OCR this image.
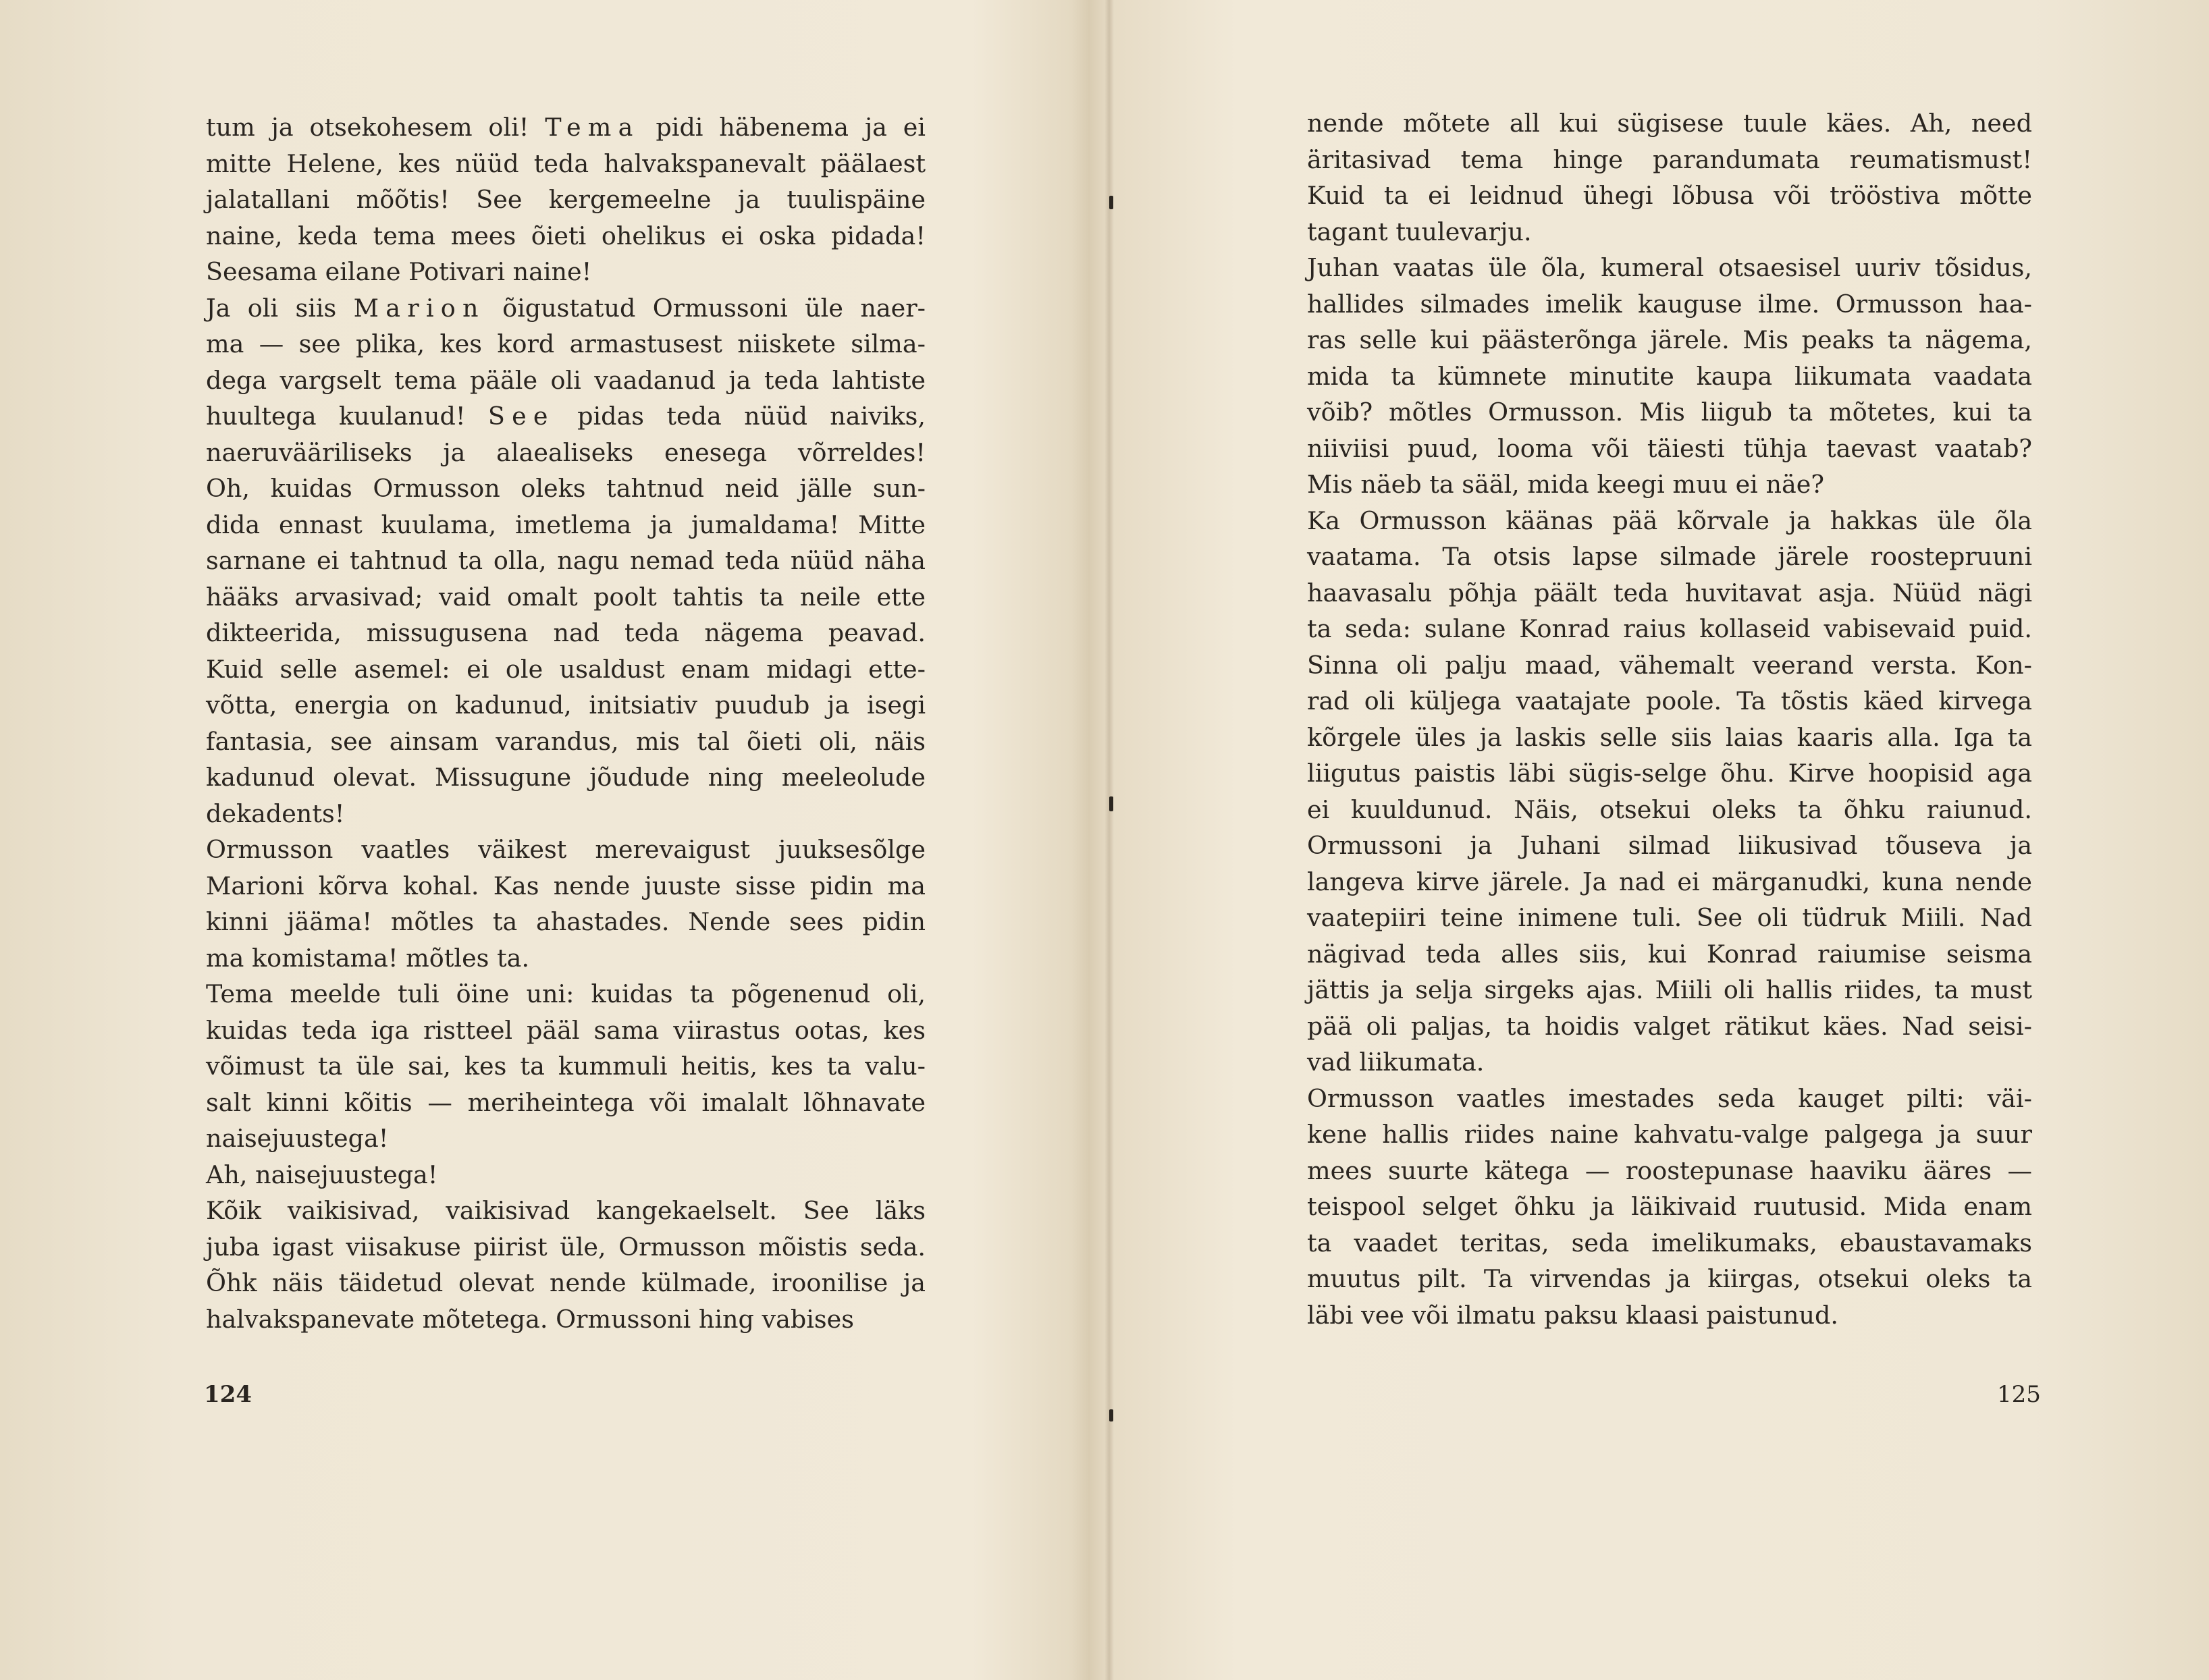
tum ja otsekohesem oli! Tema pidi häbenema ja ei

mitte Helene, kes nüüd teda halvakspanevalt päälaest

jalatallani mõõtis! See kergemeelne ja tuulispäine

naine, keda tema mees õieti ohelikus ei oska pidada!

Seesama eilane Potivari naine!

Ja oli siis Marion õigustatud Ormussoni üle naer-

ma — see plika, kes kord armastusest niiskete silma-

dega vargselt tema pääle oli vaadanud ja teda lahtiste

huultega kuulanud! See pidas teda nüüd naiviks,

naeruvääriliseks ja alaealiseks enesega võrreldes!

Oh, kuidas Ormusson oleks tahtnud neid jälle sun-

dida ennast kuulama, imetlema ja jumaldama! Mitte

sarnane ei tahtnud ta olla, nagu nemad teda nüüd näha

hääks arvasivad; vaid omalt poolt tahtis ta neile ette

dikteerida, missugusena nad teda nägema peavad.

Kuid selle asemel: ei ole usaldust enam midagi ette-

võtta, energia on kadunud, initsiativ puudub ja isegi

fantasia, see ainsam varandus, mis tal õieti oli, näis

kadunud olevat. Missugune jõudude ning meeleolude

dekadents!

Ormusson vaatles väikest merevaigust juuksesõlge

Marioni kõrva kohal. Kas nende juuste sisse pidin ma

kinni jääma! mõtles ta ahastades. Nende sees pidin

ma komistama! mõtles ta.

Tema meelde tuli öine uni: kuidas ta põgenenud oli,

kuidas teda iga ristteel pääl sama viirastus ootas, kes

võimust ta üle sai, kes ta kummuli heitis, kes ta valu-

salt kinni kõitis — meriheintega või imalalt lõhnavate

naisejuustega!

Ah, naisejuustega!

Kõik vaikisivad, vaikisivad kangekaelselt. See läks

juba igast viisakuse piirist üle, Ormusson mõistis seda.

Õhk näis täidetud olevat nende külmade, iroonilise ja

halvakspanevate mõtetega. Ormussoni hing vabises

124

nende mõtete all kui sügisese tuule käes. Ah, need

äritasivad tema hinge parandumata reumatismust!

Kuid ta ei leidnud ühegi lõbusa või trööstiva mõtte

tagant tuulevarju.

Juhan vaatas üle õla, kumeral otsaesisel uuriv tõsidus,

hallides silmades imelik kauguse ilme. Ormusson haa-

ras selle kui päästerõnga järele. Mis peaks ta nägema,

mida ta kümnete minutite kaupa liikumata vaadata

võib? mõtles Ormusson. Mis liigub ta mõtetes, kui ta

niiviisi puud, looma või täiesti tühja taevast vaatab?

Mis näeb ta sääl, mida keegi muu ei näe?

Ka Ormusson käänas pää kõrvale ja hakkas üle õla

vaatama. Ta otsis lapse silmade järele roostepruuni

haavasalu põhja päält teda huvitavat asja. Nüüd nägi

ta seda: sulane Konrad raius kollaseid vabisevaid puid.

Sinna oli palju maad, vähemalt veerand versta. Kon-

rad oli küljega vaatajate poole. Ta tõstis käed kirvega

kõrgele üles ja laskis selle siis laias kaaris alla. Iga ta

liigutus paistis läbi sügis-selge õhu. Kirve hoopisid aga

ei kuuldunud. Näis, otsekui oleks ta õhku raiunud.

Ormussoni ja Juhani silmad liikusivad tõuseva ja

langeva kirve järele. Ja nad ei märganudki, kuna nende

vaatepiiri teine inimene tuli. See oli tüdruk Miili. Nad

nägivad teda alles siis, kui Konrad raiumise seisma

jättis ja selja sirgeks ajas. Miili oli hallis riides, ta must

pää oli paljas, ta hoidis valget rätikut käes. Nad seisi-

vad liikumata.

Ormusson vaatles imestades seda kauget pilti: väi-

kene hallis riides naine kahvatu-valge palgega ja suur

mees suurte kätega — roostepunase haaviku ääres —

teispool selget õhku ja läikivaid ruutusid. Mida enam

ta vaadet teritas, seda imelikumaks, ebaustavamaks

muutus pilt. Ta virvendas ja kiirgas, otsekui oleks ta

läbi vee või ilmatu paksu klaasi paistunud.

125
